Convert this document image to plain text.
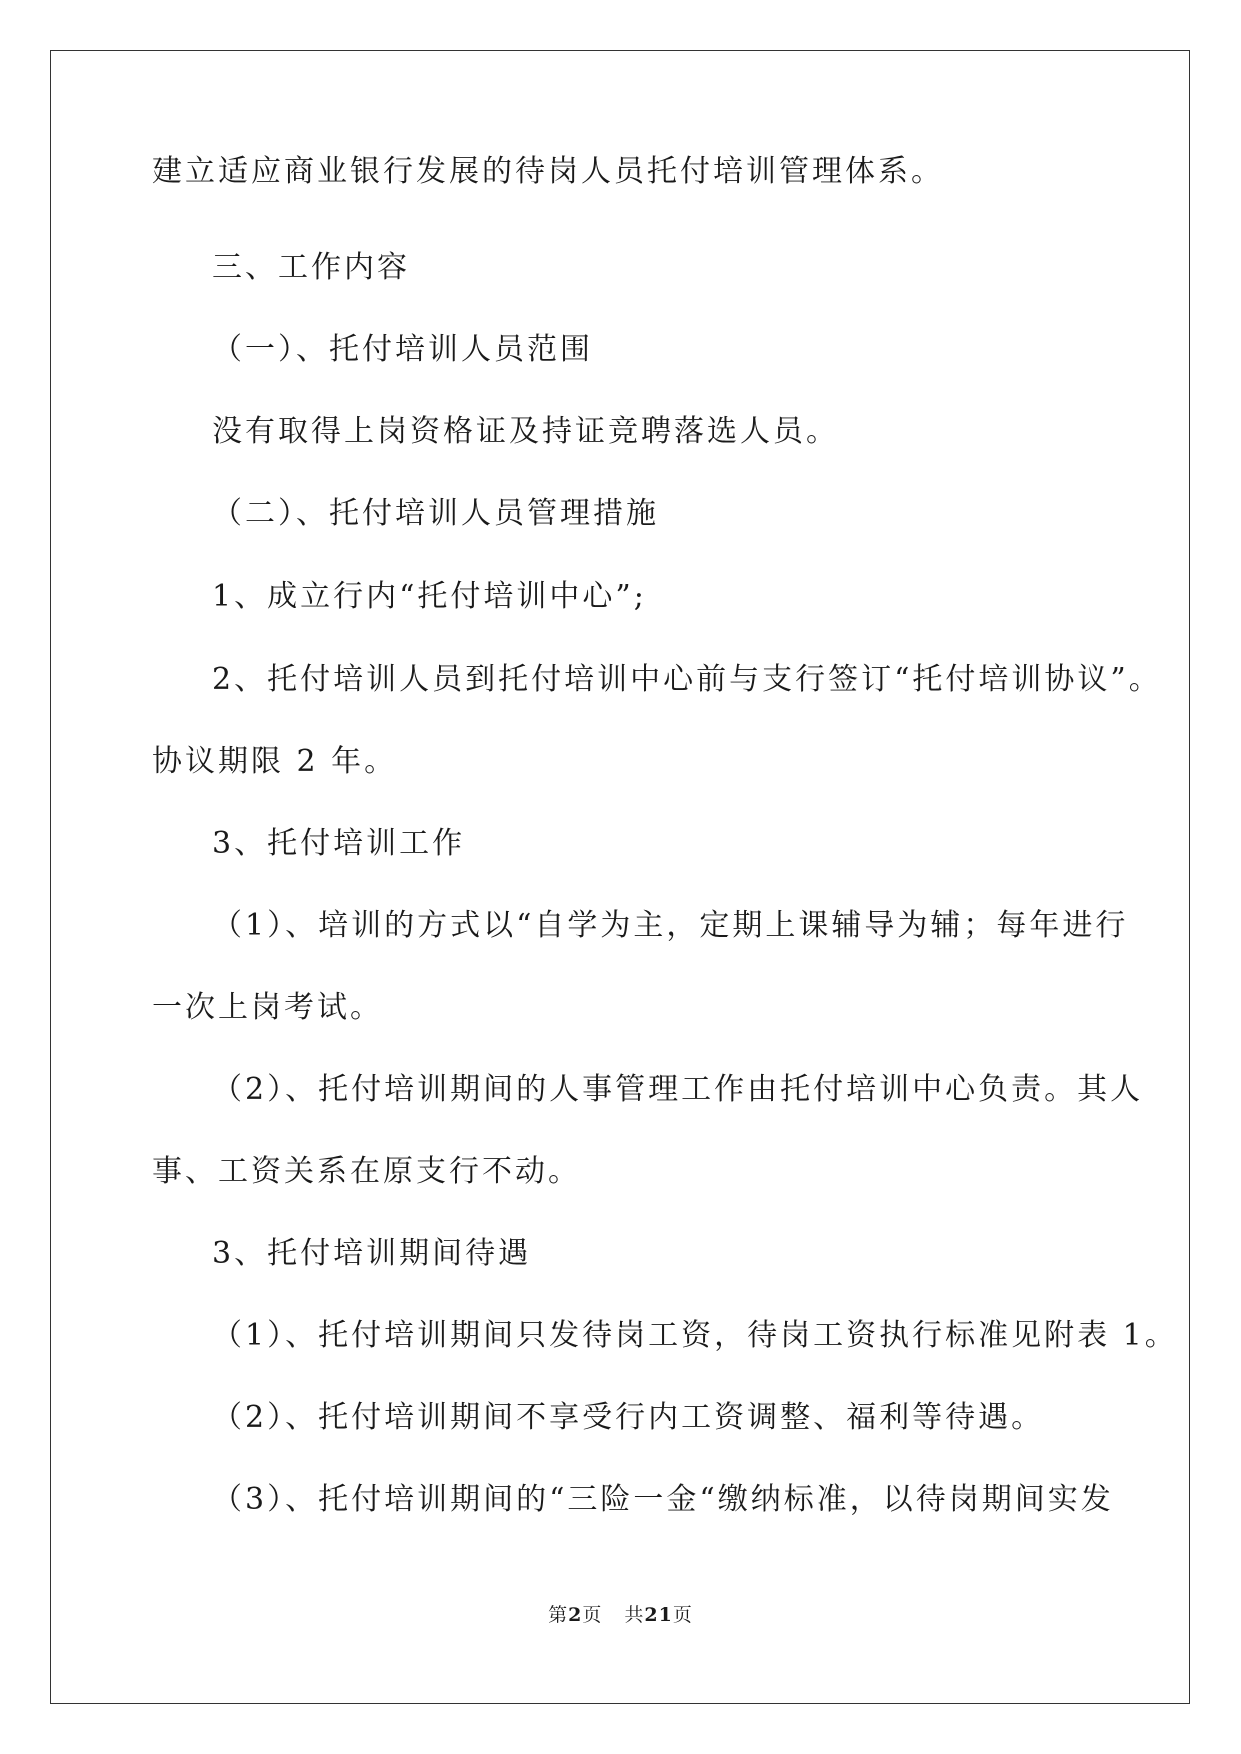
建立适应商业银行发展的待岗人员托付培训管理体系。
三、工作内容
（一）、托付培训人员范围
没有取得上岗资格证及持证竞聘落选人员。
（二）、托付培训人员管理措施
1、成立行内“托付培训中心”;
2、托付培训人员到托付培训中心前与支行签订“托付培训协议”。
协议期限 2 年。
3、托付培训工作
（1）、培训的方式以“自学为主，定期上课辅导为辅；每年进行
一次上岗考试。
（2）、托付培训期间的人事管理工作由托付培训中心负责。其人
事、工资关系在原支行不动。
3、托付培训期间待遇
（1）、托付培训期间只发待岗工资，待岗工资执行标准见附表 1。
（2）、托付培训期间不享受行内工资调整、福利等待遇。
（3）、托付培训期间的“三险一金“缴纳标准，以待岗期间实发
第2页 共21页
